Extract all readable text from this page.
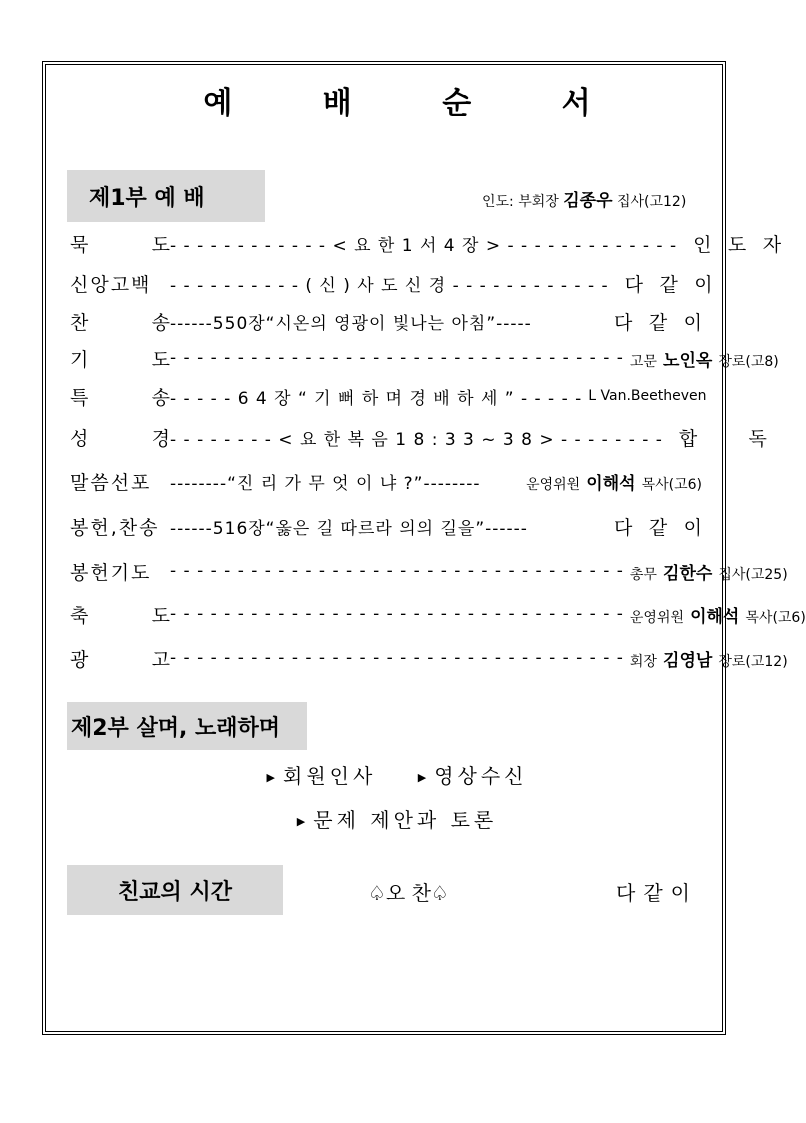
예 배 순 서
제1부 예 배	인도: 부회장 김종우 집사(고12)
묵	도 - - - - - - - - - - - - < 요 한 1 서 4 장 > - - - - - - - - - - - - - 인 도 자
신앙고백	- - - - - - - - - - ( 신 ) 사 도 신 경 - - - - - - - - - - - - 다 같 이
찬	송 ------550장“시온의 영광이 빛나는 아침”-----	다 같 이
기	도 - - - - - - - - - - - - - - - - - - - - - - - - - - - - - - - - - - 고문 노인옥 장로(고8)
특	송 - - - - - 6 4 장 “ 기 뻐 하 며 경 배 하 세 ” - - - - - L Van.Beetheven
성	경 - - - - - - - - < 요 한 복 음 1 8 : 3 3 ~ 3 8 > - - - - - - - - 합	독
말씀선포	--------“진 리 가 무 엇 이 냐 ?”--------	운영위원 이해석 목사(고6)
봉헌,찬송 ------516장“옳은 길 따르라 의의 길을”------	다 같 이
봉헌기도	- - - - - - - - - - - - - - - - - - - - - - - - - - - - - - - - - - 총무 김한수 집사(고25)
축	도 - - - - - - - - - - - - - - - - - - - - - - - - - - - - - - - - - - 운영위원 이해석 목사(고6)
광	고 - - - - - - - - - - - - - - - - - - - - - - - - - - - - - - - - - - 회장 김영남 장로(고12)
제2부 살며, 노래하며
▶ 회원인사	▶ 영상수신
▶ 문제 제안과 토론
친교의 시간	♤오 찬♤	다같이
